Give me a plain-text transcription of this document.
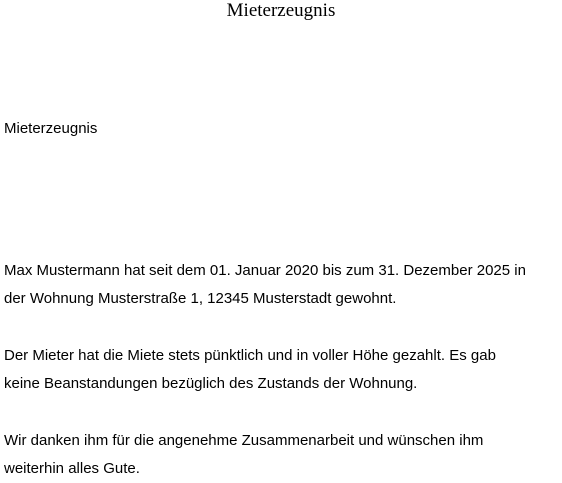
Mieterzeugnis
Mieterzeugnis

Max Mustermann hat seit dem 01. Januar 2020 bis zum 31. Dezember 2025 in
der Wohnung Musterstraße 1, 12345 Musterstadt gewohnt.

Der Mieter hat die Miete stets pünktlich und in voller Höhe gezahlt. Es gab
keine Beanstandungen bezüglich des Zustands der Wohnung.

Wir danken ihm für die angenehme Zusammenarbeit und wünschen ihm
weiterhin alles Gute.
